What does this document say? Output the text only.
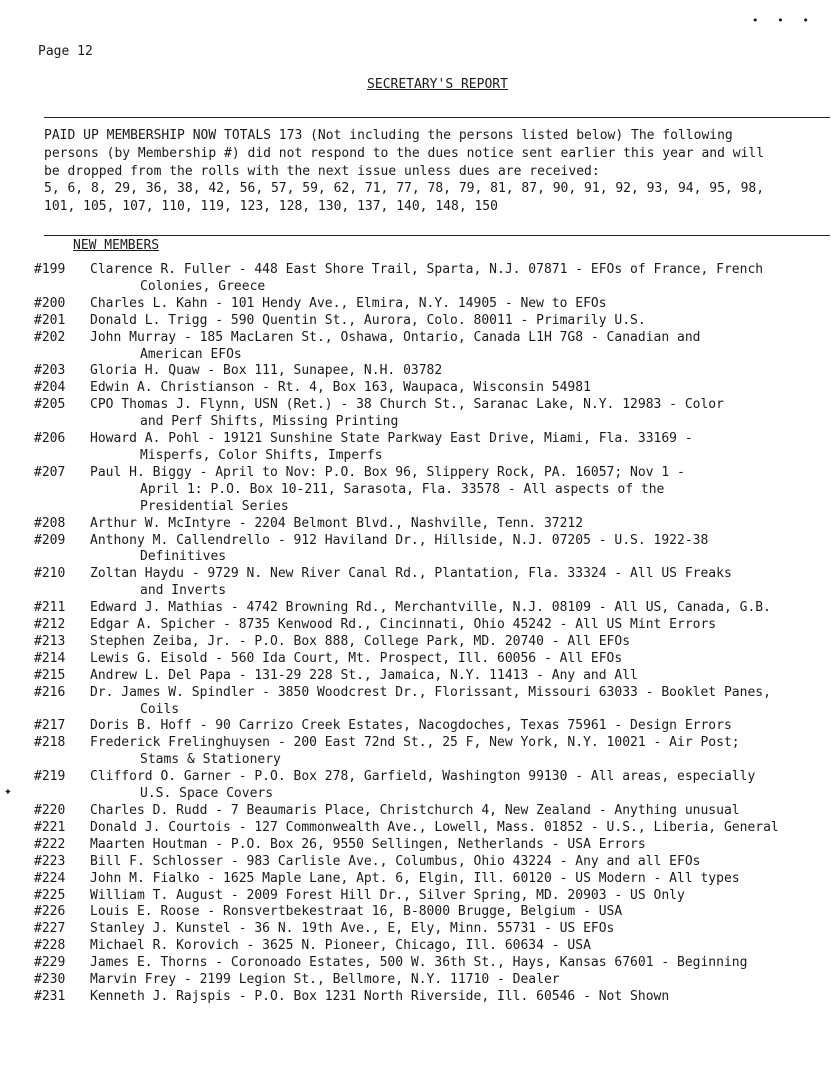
• • •
Page 12
SECRETARY'S REPORT
PAID UP MEMBERSHIP NOW TOTALS 173 (Not including the persons listed below) The following
persons (by Membership #) did not respond to the dues notice sent earlier this year and will
be dropped from the rolls with the next issue unless dues are received:
5, 6, 8, 29, 36, 38, 42, 56, 57, 59, 62, 71, 77, 78, 79, 81, 87, 90, 91, 92, 93, 94, 95, 98,
101, 105, 107, 110, 119, 123, 128, 130, 137, 140, 148, 150
NEW MEMBERS
✦
#199	Clarence R. Fuller - 448 East Shore Trail, Sparta, N.J. 07871 - EFOs of France, French
Colonies, Greece
#200	Charles L. Kahn - 101 Hendy Ave., Elmira, N.Y. 14905 - New to EFOs
#201	Donald L. Trigg - 590 Quentin St., Aurora, Colo. 80011 - Primarily U.S.
#202	John Murray - 185 MacLaren St., Oshawa, Ontario, Canada L1H 7G8 - Canadian and
American EFOs
#203	Gloria H. Quaw - Box 111, Sunapee, N.H. 03782
#204	Edwin A. Christianson - Rt. 4, Box 163, Waupaca, Wisconsin 54981
#205	CPO Thomas J. Flynn, USN (Ret.) - 38 Church St., Saranac Lake, N.Y. 12983 - Color
and Perf Shifts, Missing Printing
#206	Howard A. Pohl - 19121 Sunshine State Parkway East Drive, Miami, Fla. 33169 -
Misperfs, Color Shifts, Imperfs
#207	Paul H. Biggy - April to Nov: P.O. Box 96, Slippery Rock, PA. 16057; Nov 1 -
April 1: P.O. Box 10-211, Sarasota, Fla. 33578 - All aspects of the
Presidential Series
#208	Arthur W. McIntyre - 2204 Belmont Blvd., Nashville, Tenn. 37212
#209	Anthony M. Callendrello - 912 Haviland Dr., Hillside, N.J. 07205 - U.S. 1922-38
Definitives
#210	Zoltan Haydu - 9729 N. New River Canal Rd., Plantation, Fla. 33324 - All US Freaks
and Inverts
#211	Edward J. Mathias - 4742 Browning Rd., Merchantville, N.J. 08109 - All US, Canada, G.B.
#212	Edgar A. Spicher - 8735 Kenwood Rd., Cincinnati, Ohio 45242 - All US Mint Errors
#213	Stephen Zeiba, Jr. - P.O. Box 888, College Park, MD. 20740 - All EFOs
#214	Lewis G. Eisold - 560 Ida Court, Mt. Prospect, Ill. 60056 - All EFOs
#215	Andrew L. Del Papa - 131-29 228 St., Jamaica, N.Y. 11413 - Any and All
#216	Dr. James W. Spindler - 3850 Woodcrest Dr., Florissant, Missouri 63033 - Booklet Panes,
Coils
#217	Doris B. Hoff - 90 Carrizo Creek Estates, Nacogdoches, Texas 75961 - Design Errors
#218	Frederick Frelinghuysen - 200 East 72nd St., 25 F, New York, N.Y. 10021 - Air Post;
Stams & Stationery
#219	Clifford O. Garner - P.O. Box 278, Garfield, Washington 99130 - All areas, especially
U.S. Space Covers
#220	Charles D. Rudd - 7 Beaumaris Place, Christchurch 4, New Zealand - Anything unusual
#221	Donald J. Courtois - 127 Commonwealth Ave., Lowell, Mass. 01852 - U.S., Liberia, General
#222	Maarten Houtman - P.O. Box 26, 9550 Sellingen, Netherlands - USA Errors
#223	Bill F. Schlosser - 983 Carlisle Ave., Columbus, Ohio 43224 - Any and all EFOs
#224	John M. Fialko - 1625 Maple Lane, Apt. 6, Elgin, Ill. 60120 - US Modern - All types
#225	William T. August - 2009 Forest Hill Dr., Silver Spring, MD. 20903 - US Only
#226	Louis E. Roose - Ronsvertbekestraat 16, B-8000 Brugge, Belgium - USA
#227	Stanley J. Kunstel - 36 N. 19th Ave., E, Ely, Minn. 55731 - US EFOs
#228	Michael R. Korovich - 3625 N. Pioneer, Chicago, Ill. 60634 - USA
#229	James E. Thorns - Coronoado Estates, 500 W. 36th St., Hays, Kansas 67601 - Beginning
#230	Marvin Frey - 2199 Legion St., Bellmore, N.Y. 11710 - Dealer
#231	Kenneth J. Rajspis - P.O. Box 1231 North Riverside, Ill. 60546 - Not Shown
